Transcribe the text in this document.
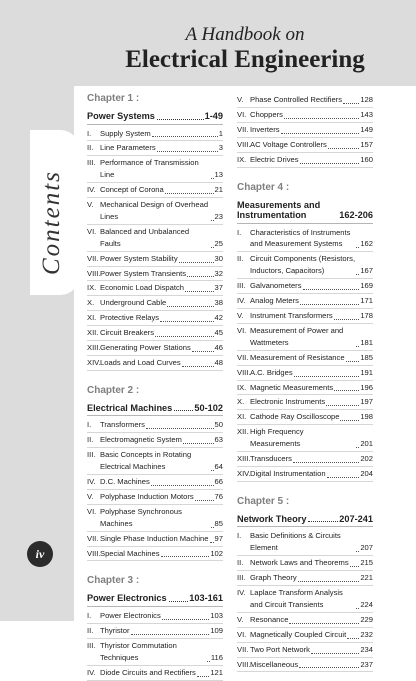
Contents
iv
A Handbook on
Electrical Engineering
Chapter 1 :
Power Systems	1-49
I.	Supply System	1
II. Line Parameters	3
III. Performance of Transmission Line	13
IV. Concept of Corona	21
V. Mechanical Design of Overhead Lines	23
VI. Balanced and Unbalanced Faults	25
VII. Power System Stability	30
VIII. Power System Transients	32
IX. Economic Load Dispatch	37
X. Underground Cable	38
XI. Protective Relays	42
XII. Circuit Breakers	45
XIII. Generating Power Stations	46
XIV. Loads and Load Curves	48
Chapter 2 :
Electrical Machines 50-102
I.	Transformers	50
II. Electromagnetic System	63
III. Basic Concepts in Rotating Electrical Machines	64
IV. D.C. Machines	66
V. Polyphase Induction Motors	76
VI. Polyphase Synchronous Machines	85
VII. Single Phase Induction Machine 97
VIII. Special Machines	102
Chapter 3 :
Power Electronics 103-161
I.	Power Electronics	103
II. Thyristor	109
III. Thyristor Commutation Techniques	116
IV. Diode Circuits and Rectifiers 121
V. Phase Controlled Rectifiers 128
VI. Choppers	143
VII. Inverters	149
VIII. AC Voltage Controllers	157
IX. Electric Drives	160
Chapter 4 :
Measurements and Instrumentation	162-206
I.	Characteristics of Instruments and Measurement Systems	162
II. Circuit Components (Resistors, Inductors, Capacitors)	167
III. Galvanometers	169
IV. Analog Meters	171
V. Instrument Transformers	178
VI. Measurement of Power and Wattmeters	181
VII. Measurement of Resistance 185
VIII. A.C. Bridges	191
IX. Magnetic Measurements	196
X. Electronic Instruments	197
XI. Cathode Ray Oscilloscope	198
XII. High Frequency Measurements	201
XIII. Transducers	202
XIV. Digital Instrumentation	204
Chapter 5 :
Network Theory	207-241
I.	Basic Definitions & Circuits Element	207
II. Network Laws and Theorems 215
III. Graph Theory	221
IV. Laplace Transform Analysis and Circuit Transients	224
V. Resonance	229
VI. Magnetically Coupled Circuit 232
VII. Two Port Network	234
VIII. Miscellaneous	237
